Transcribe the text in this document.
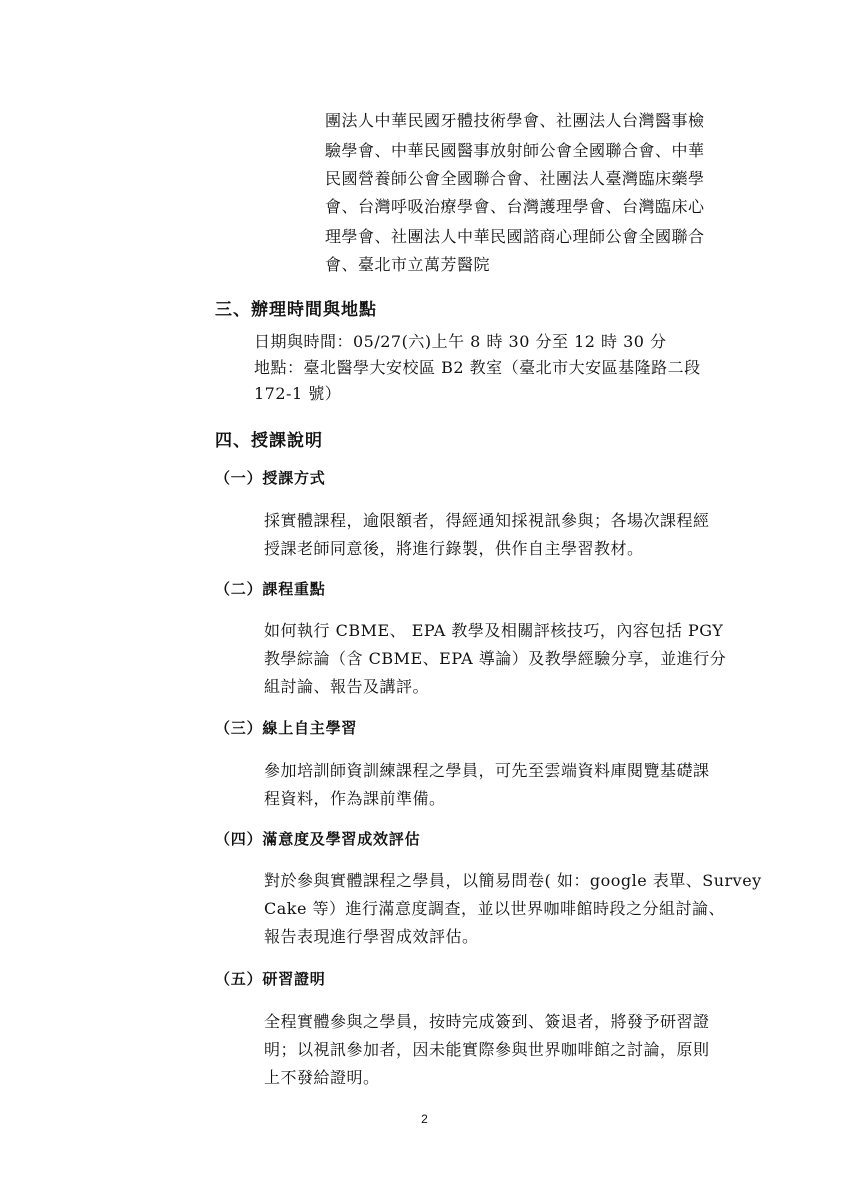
團法人中華民國牙體技術學會、社團法人台灣醫事檢
驗學會、中華民國醫事放射師公會全國聯合會、中華
民國營養師公會全國聯合會、社團法人臺灣臨床藥學
會、台灣呼吸治療學會、台灣護理學會、台灣臨床心
理學會、社團法人中華民國諮商心理師公會全國聯合
會、臺北市立萬芳醫院
三、辦理時間與地點
日期與時間：05/27(六)上午 8 時 30 分至 12 時 30 分
地點：臺北醫學大安校區 B2 教室（臺北市大安區基隆路二段
172-1 號）
四、授課說明
（一）授課方式
採實體課程，逾限額者，得經通知採視訊參與；各場次課程經
授課老師同意後，將進行錄製，供作自主學習教材。
（二）課程重點
如何執行 CBME、 EPA 教學及相關評核技巧，內容包括 PGY
教學綜論（含 CBME、EPA 導論）及教學經驗分享，並進行分
組討論、報告及講評。
（三）線上自主學習
參加培訓師資訓練課程之學員，可先至雲端資料庫閱覽基礎課
程資料，作為課前準備。
（四）滿意度及學習成效評估
對於參與實體課程之學員，以簡易問卷( 如：google 表單、Survey
Cake 等）進行滿意度調查，並以世界咖啡館時段之分組討論、
報告表現進行學習成效評估。
（五）研習證明
全程實體參與之學員，按時完成簽到、簽退者，將發予研習證
明；以視訊參加者，因未能實際參與世界咖啡館之討論，原則
上不發給證明。
2
